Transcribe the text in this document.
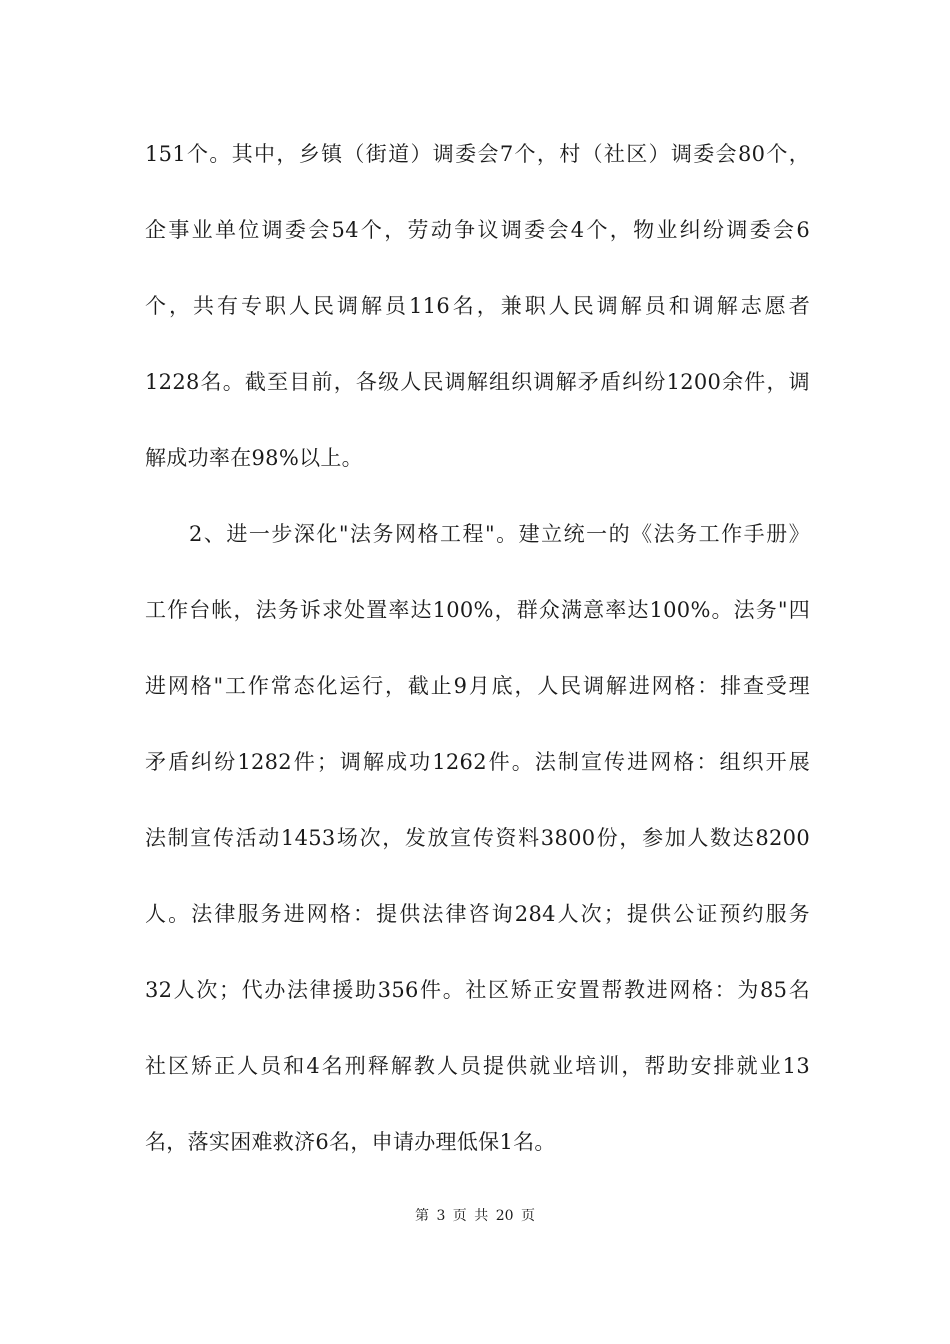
151个。其中，乡镇（街道）调委会7个，村（社区）调委会80个，
企事业单位调委会54个，劳动争议调委会4个，物业纠纷调委会6
个，共有专职人民调解员116名，兼职人民调解员和调解志愿者
1228名。截至目前，各级人民调解组织调解矛盾纠纷1200余件，调
解成功率在98%以上。
2、进一步深化"法务网格工程"。建立统一的《法务工作手册》
工作台帐，法务诉求处置率达100%，群众满意率达100%。法务"四
进网格"工作常态化运行，截止9月底，人民调解进网格：排查受理
矛盾纠纷1282件；调解成功1262件。法制宣传进网格：组织开展
法制宣传活动1453场次，发放宣传资料3800份，参加人数达8200
人。法律服务进网格：提供法律咨询284人次；提供公证预约服务
32人次；代办法律援助356件。社区矫正安置帮教进网格：为85名
社区矫正人员和4名刑释解教人员提供就业培训，帮助安排就业13
名，落实困难救济6名，申请办理低保1名。
第 3 页 共 20 页
